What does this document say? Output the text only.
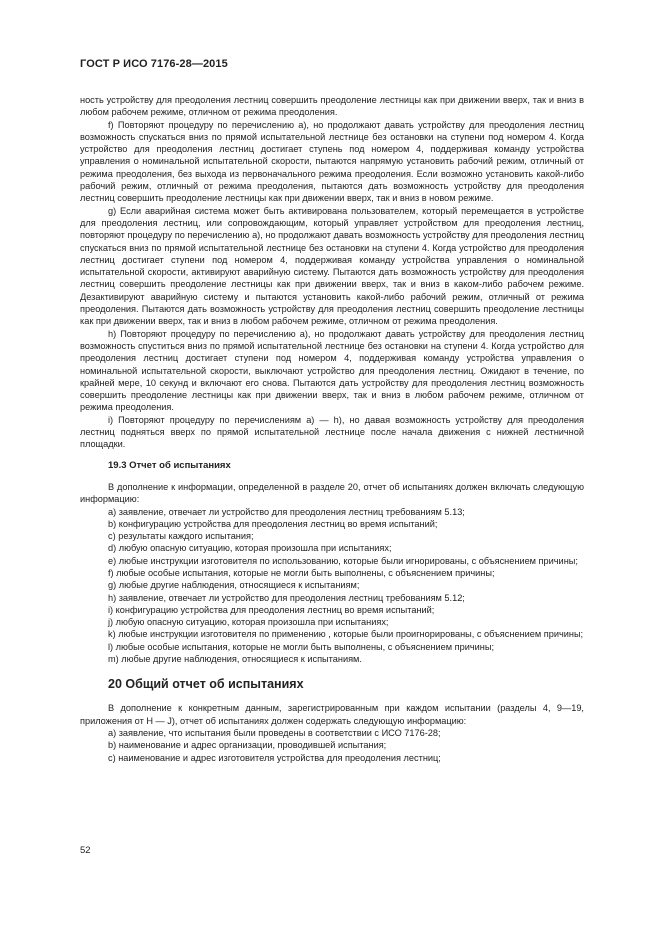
ГОСТ Р ИСО 7176-28—2015

ность устройству для преодоления лестниц совершить преодоление лестницы как при движении вверх, так и вниз в любом рабочем режиме, отличном от режима преодоления.

f) Повторяют процедуру по перечислению а), но продолжают давать устройству для преодоления лестниц возможность спускаться вниз по прямой испытательной лестнице без остановки на ступени под номером 4. Когда устройство для преодоления лестниц достигает ступень под номером 4, поддерживая команду устройства управления о номинальной испытательной скорости, пытаются напрямую установить рабочий режим, отличный от режима преодоления, без выхода из первоначального режима преодоления. Если возможно установить какой-либо рабочий режим, отличный от режима преодоления, пытаются дать возможность устройству для преодоления лестниц совершить преодоление лестницы как при движении вверх, так и вниз в новом режиме.

g) Если аварийная система может быть активирована пользователем, который перемещается в устройстве для преодоления лестниц, или сопровождающим, который управляет устройством для преодоления лестниц, повторяют процедуру по перечислению а), но продолжают давать возможность устройству для преодоления лестниц спускаться вниз по прямой испытательной лестнице без остановки на ступени 4. Когда устройство для преодоления лестниц достигает ступени под номером 4, поддерживая команду устройства управления о номинальной испытательной скорости, активируют аварийную систему. Пытаются дать возможность устройству для преодоления лестниц совершить преодоление лестницы как при движении вверх, так и вниз в каком-либо рабочем режиме. Дезактивируют аварийную систему и пытаются установить какой-либо рабочий режим, отличный от режима преодоления. Пытаются дать возможность устройству для преодоления лестниц совершить преодоление лестницы как при движении вверх, так и вниз в любом рабочем режиме, отличном от режима преодоления.

h) Повторяют процедуру по перечислению а), но продолжают давать устройству для преодоления лестниц возможность спуститься вниз по прямой испытательной лестнице без остановки на ступени 4. Когда устройство для преодоления лестниц достигает ступени под номером 4, поддерживая команду устройства управления о номинальной испытательной скорости, выключают устройство для преодоления лестниц. Ожидают в течение, по крайней мере, 10 секунд и включают его снова. Пытаются дать устройству для преодоления лестниц возможность совершить преодоление лестницы как при движении вверх, так и вниз в любом рабочем режиме, отличном от режима преодоления.

i) Повторяют процедуру по перечислениям а) — h), но давая возможность устройству для преодоления лестниц подняться вверх по прямой испытательной лестнице после начала движения с нижней лестничной площадки.

19.3 Отчет об испытаниях

В дополнение к информации, определенной в разделе 20, отчет об испытаниях должен включать следующую информацию:

a) заявление, отвечает ли устройство для преодоления лестниц требованиям 5.13;

b) конфигурацию устройства для преодоления лестниц во время испытаний;

c) результаты каждого испытания;

d) любую опасную ситуацию, которая произошла при испытаниях;

e) любые инструкции изготовителя по использованию, которые были игнорированы, с объяснением причины;

f) любые особые испытания, которые не могли быть выполнены, с объяснением причины;

g) любые другие наблюдения, относящиеся к испытаниям;

h) заявление, отвечает ли устройство для преодоления лестниц требованиям 5.12;

i) конфигурацию устройства для преодоления лестниц во время испытаний;

j) любую опасную ситуацию, которая произошла при испытаниях;

k) любые инструкции изготовителя по применению , которые были проигнорированы, с объяснением причины;

l) любые особые испытания, которые не могли быть выполнены, с объяснением причины;

m) любые другие наблюдения, относящиеся к испытаниям.

20 Общий отчет об испытаниях

В дополнение к конкретным данным, зарегистрированным при каждом испытании (разделы 4, 9—19, приложения от Н — J), отчет об испытаниях должен содержать следующую информацию:

a) заявление, что испытания были проведены в соответствии с ИСО 7176-28;

b) наименование и адрес организации, проводившей испытания;

c) наименование и адрес изготовителя устройства для преодоления лестниц;

52
